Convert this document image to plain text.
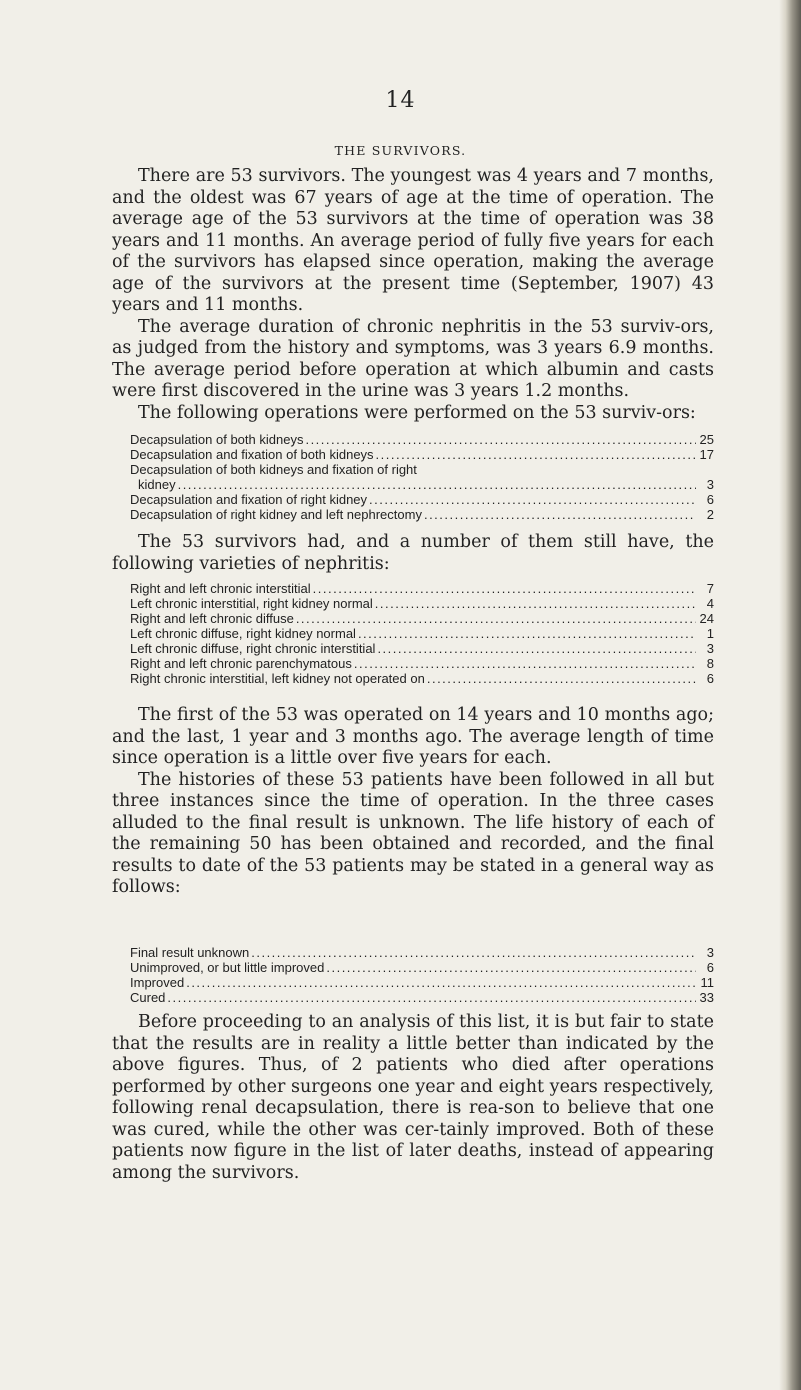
14
THE SURVIVORS.

There are 53 survivors. The youngest was 4 years and 7 months, and the oldest was 67 years of age at the time of operation. The average age of the 53 survivors at the time of operation was 38 years and 11 months. An average period of fully five years for each of the survivors has elapsed since operation, making the average age of the survivors at the present time (September, 1907) 43 years and 11 months.

The average duration of chronic nephritis in the 53 surviv-ors, as judged from the history and symptoms, was 3 years 6.9 months. The average period before operation at which albumin and casts were first discovered in the urine was 3 years 1.2 months.

The following operations were performed on the 53 surviv-ors:

Decapsulation of both kidneys .....	25
Decapsulation and fixation of both kidneys .....	17
Decapsulation of both kidneys and fixation of right
kidney .....	3
Decapsulation and fixation of right kidney .....	6
Decapsulation of right kidney and left nephrectomy .....	2

The 53 survivors had, and a number of them still have, the following varieties of nephritis:

Right and left chronic interstitial .....	7
Left chronic interstitial, right kidney normal .....	4
Right and left chronic diffuse .....	24
Left chronic diffuse, right kidney normal .....	1
Left chronic diffuse, right chronic interstitial .....	3
Right and left chronic parenchymatous .....	8
Right chronic interstitial, left kidney not operated on .....	6

The first of the 53 was operated on 14 years and 10 months ago; and the last, 1 year and 3 months ago. The average length of time since operation is a little over five years for each.

The histories of these 53 patients have been followed in all but three instances since the time of operation. In the three cases alluded to the final result is unknown. The life history of each of the remaining 50 has been obtained and recorded, and the final results to date of the 53 patients may be stated in a general way as follows:

Final result unknown .....	3
Unimproved, or but little improved .....	6
Improved .....	11
Cured .....	33

Before proceeding to an analysis of this list, it is but fair to state that the results are in reality a little better than indicated by the above figures. Thus, of 2 patients who died after operations performed by other surgeons one year and eight years respectively, following renal decapsulation, there is rea-son to believe that one was cured, while the other was cer-tainly improved. Both of these patients now figure in the list of later deaths, instead of appearing among the survivors.
